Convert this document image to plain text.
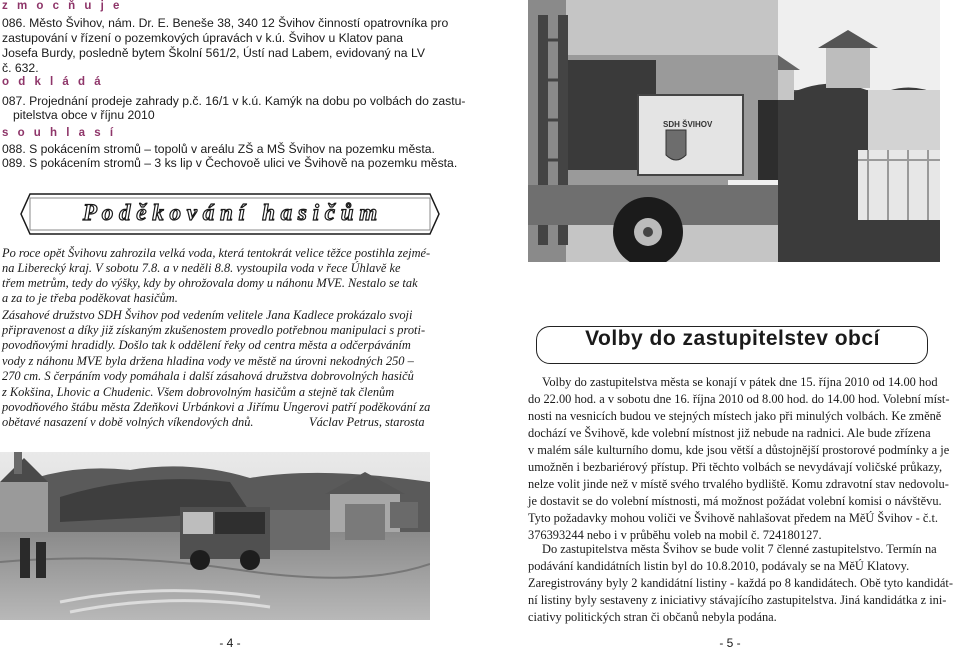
z m o c ň u j e
086. Město Švihov, nám. Dr. E. Beneše 38, 340 12 Švihov činností opatrovníka pro
zastupování v řízení o pozemkových úpravách v k.ú. Švihov u Klatov pana
Josefa Burdy, posledně bytem Školní 561/2, Ústí nad Labem, evidovaný na LV
č. 632.
o d k l á d á
087. Projednání prodeje zahrady p.č. 16/1 v k.ú. Kamýk na dobu po volbách do zastu-
pitelstva obce v říjnu 2010
s o u h l a s í
088. S pokácením stromů – topolů v areálu ZŠ a MŠ Švihov na pozemku města.
089. S pokácením stromů – 3 ks lip v Čechovoě ulici ve Švihově na pozemku města.
P o d ě k o v á n í   h a s i č ů m
Po roce opět Švihovu zahrozila velká voda, která tentokrát velice těžce postihla zejmé-
na Liberecký kraj. V sobotu 7.8. a v neděli 8.8. vystoupila voda v řece Úhlavě ke
třem metrům, tedy do výšky, kdy by ohrožovala domy u náhonu MVE. Nestalo se tak
a za to je třeba poděkovat hasičům.
Zásahové družstvo SDH Švihov pod vedením velitele Jana Kadlece prokázalo svoji
připravenost a díky již získaným zkušenostem provedlo potřebnou manipulaci s proti-
povodňovými hradidly. Došlo tak k oddělení řeky od centra města a odčerpáváním
vody z náhonu MVE byla držena hladina vody ve městě na úrovni nekodných 250 –
270 cm. S čerpáním vody pomáhala i další zásahová družstva dobrovolných hasičů
z Kokšina, Lhovic a Chudenic. Všem dobrovolným hasičům a stejně tak členům
povodňového štábu města Zdeňkovi Urbánkovi a Jiřímu Ungerovi patří poděkování za
obětavé nasazení v době volných víkendových dnů.	Václav Petrus, starosta
- 4 -
SDH ŠVIHOV
Volby do zastupitelstev obcí
Volby do zastupitelstva města se konají v pátek dne 15. října 2010 od 14.00 hod
do 22.00 hod. a v sobotu dne 16. října 2010 od 8.00 hod. do 14.00 hod. Volební míst-
nosti na vesnicích budou ve stejných místech jako při minulých volbách. Ke změně
dochází ve Švihově, kde volební místnost již nebude na radnici. Ale bude zřízena
v malém sále kulturního domu, kde jsou větší a důstojnější prostorové podmínky a je
umožněn i bezbariérový přístup. Při těchto volbách se nevydávají voličské průkazy,
nelze volit jinde než v místě svého trvalého bydliště. Komu zdravotní stav nedovolu-
je dostavit se do volební místnosti, má možnost požádat volební komisi o návštěvu.
Tyto požadavky mohou voliči ve Švihově nahlašovat předem na MěÚ Švihov - č.t.
376393244 nebo i v průběhu voleb na mobil č. 724180127.
Do zastupitelstva města Švihov se bude volit 7 členné zastupitelstvo. Termín na
podávání kandidátních listin byl do 10.8.2010, podávaly se na MěÚ Klatovy.
Zaregistrovány byly 2 kandidátní listiny - každá po 8 kandidátech. Obě tyto kandidát-
ní listiny byly sestaveny z iniciativy stávajícího zastupitelstva. Jiná kandidátka z ini-
ciativy politických stran či občanů nebyla podána.
- 5 -
